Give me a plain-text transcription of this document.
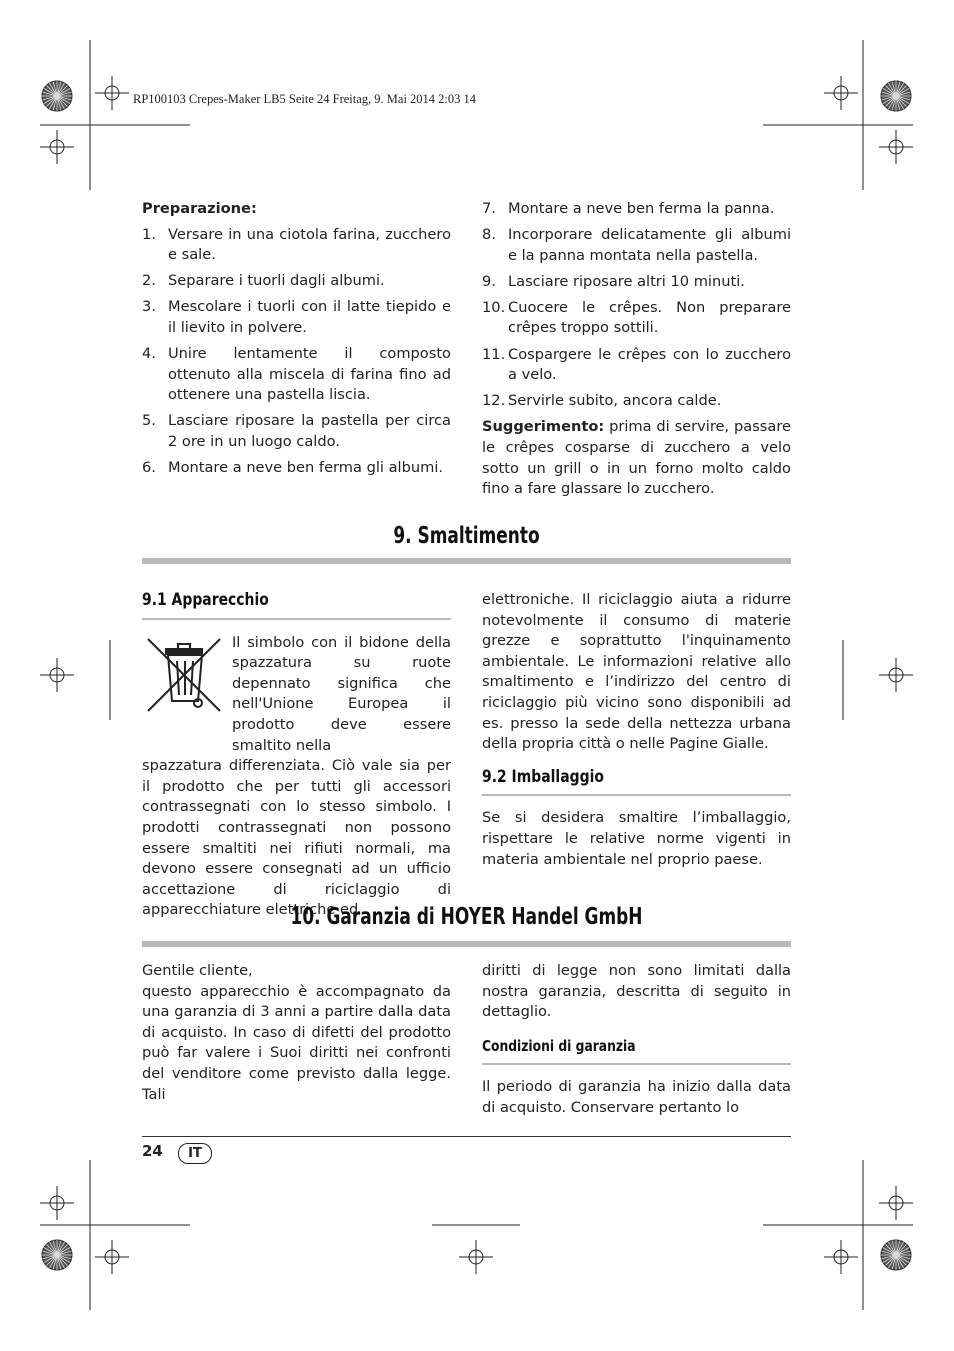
RP100103 Crepes-Maker LB5 Seite 24 Freitag, 9. Mai 2014 2:03 14

Preparazione:

1. Versare in una ciotola farina, zucchero e sale.
2. Separare i tuorli dagli albumi.
3. Mescolare i tuorli con il latte tiepido e il lievito in polvere.
4. Unire lentamente il composto ottenuto alla miscela di farina fino ad ottenere una pastella liscia.
5. Lasciare riposare la pastella per circa 2 ore in un luogo caldo.
6. Montare a neve ben ferma gli albumi.
7. Montare a neve ben ferma la panna.
8. Incorporare delicatamente gli albumi e la panna montata nella pastella.
9. Lasciare riposare altri 10 minuti.
10. Cuocere le crêpes. Non preparare crêpes troppo sottili.
11. Cospargere le crêpes con lo zucchero a velo.
12. Servirle subito, ancora calde.

Suggerimento: prima di servire, passare le crêpes cosparse di zucchero a velo sotto un grill o in un forno molto caldo fino a fare glassare lo zucchero.

9. Smaltimento
9.1 Apparecchio

Il simbolo con il bidone della spazzatura su ruote depennato significa che nell'Unione Europea il prodotto deve essere smaltito nella

spazzatura differenziata. Ciò vale sia per il prodotto che per tutti gli accessori contrassegnati con lo stesso simbolo. I prodotti contrassegnati non possono essere smaltiti nei rifiuti normali, ma devono essere consegnati ad un ufficio accettazione di riciclaggio di apparecchiature elettriche ed

elettroniche. Il riciclaggio aiuta a ridurre notevolmente il consumo di materie grezze e soprattutto l'inquinamento ambientale. Le informazioni relative allo smaltimento e l’indirizzo del centro di riciclaggio più vicino sono disponibili ad es. presso la sede della nettezza urbana della propria città o nelle Pagine Gialle.

9.2 Imballaggio

Se si desidera smaltire l’imballaggio, rispettare le relative norme vigenti in materia ambientale nel proprio paese.

10. Garanzia di HOYER Handel GmbH

Gentile cliente,

questo apparecchio è accompagnato da una garanzia di 3 anni a partire dalla data di acquisto. In caso di difetti del prodotto può far valere i Suoi diritti nei confronti del venditore come previsto dalla legge. Tali

diritti di legge non sono limitati dalla nostra garanzia, descritta di seguito in dettaglio.

Condizioni di garanzia

Il periodo di garanzia ha inizio dalla data di acquisto. Conservare pertanto lo

24	IT
